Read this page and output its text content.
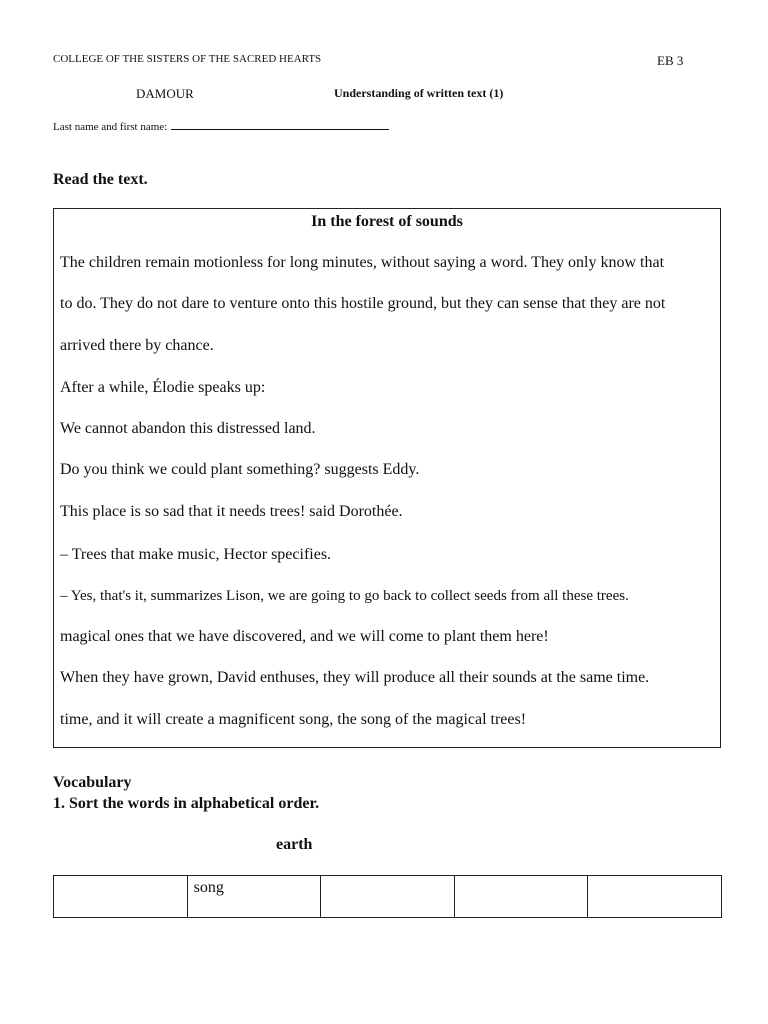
COLLEGE OF THE SISTERS OF THE SACRED HEARTS	EB 3
DAMOUR	Understanding of written text (1)
Last name and first name:
Read the text.
In the forest of sounds
The children remain motionless for long minutes, without saying a word. They only know that
to do. They do not dare to venture onto this hostile ground, but they can sense that they are not
arrived there by chance.
After a while, Élodie speaks up:
We cannot abandon this distressed land.
Do you think we could plant something? suggests Eddy.
This place is so sad that it needs trees! said Dorothée.
– Trees that make music, Hector specifies.
– Yes, that's it, summarizes Lison, we are going to go back to collect seeds from all these trees.
magical ones that we have discovered, and we will come to plant them here!
When they have grown, David enthuses, they will produce all their sounds at the same time.
time, and it will create a magnificent song, the song of the magical trees!
Vocabulary
1. Sort the words in alphabetical order.
earth
	song			
